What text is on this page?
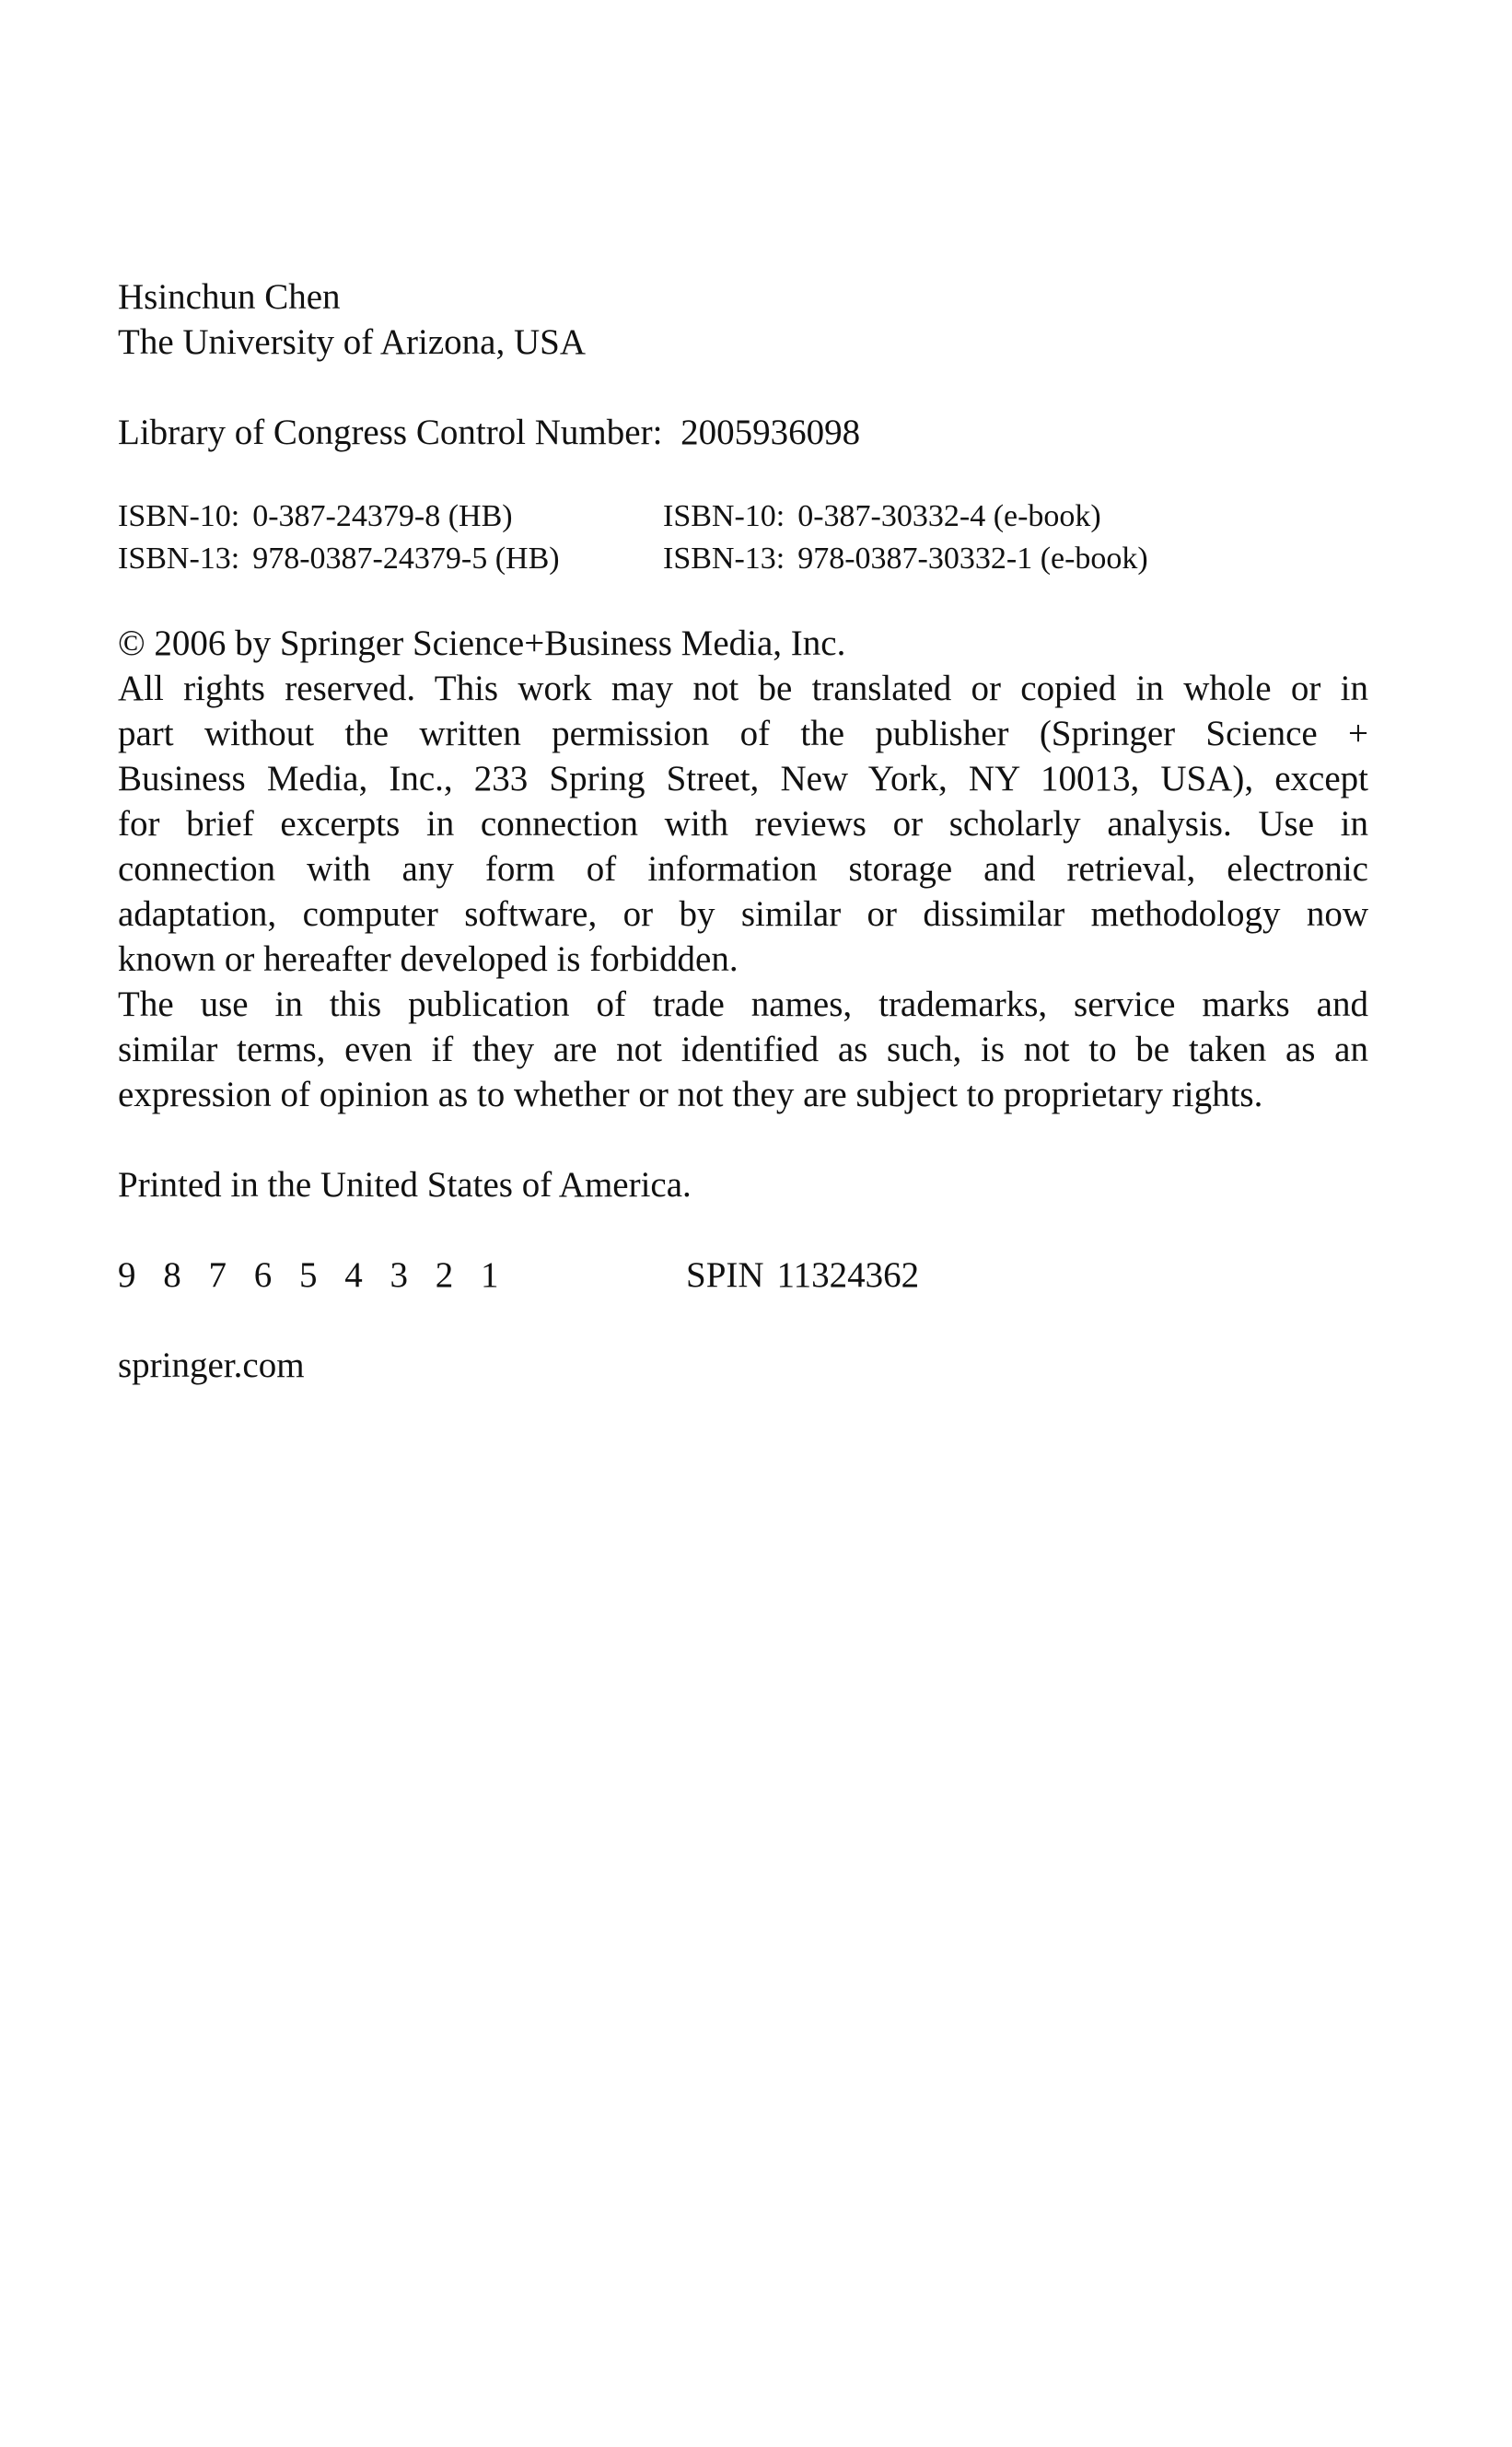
Hsinchun Chen
The University of Arizona, USA
Library of Congress Control Number: 2005936098
ISBN-10: 0-387-24379-8 (HB)	ISBN-10: 0-387-30332-4 (e-book)
ISBN-13: 978-0387-24379-5 (HB)	ISBN-13: 978-0387-30332-1 (e-book)
© 2006 by Springer Science+Business Media, Inc.
All rights reserved. This work may not be translated or copied in whole or in
part without the written permission of the publisher (Springer Science +
Business Media, Inc., 233 Spring Street, New York, NY 10013, USA), except
for brief excerpts in connection with reviews or scholarly analysis. Use in
connection with any form of information storage and retrieval, electronic
adaptation, computer software, or by similar or dissimilar methodology now
known or hereafter developed is forbidden.
The use in this publication of trade names, trademarks, service marks and
similar terms, even if they are not identified as such, is not to be taken as an
expression of opinion as to whether or not they are subject to proprietary rights.
Printed in the United States of America.
9 8 7 6 5 4 3 2 1	SPIN 11324362
springer.com
